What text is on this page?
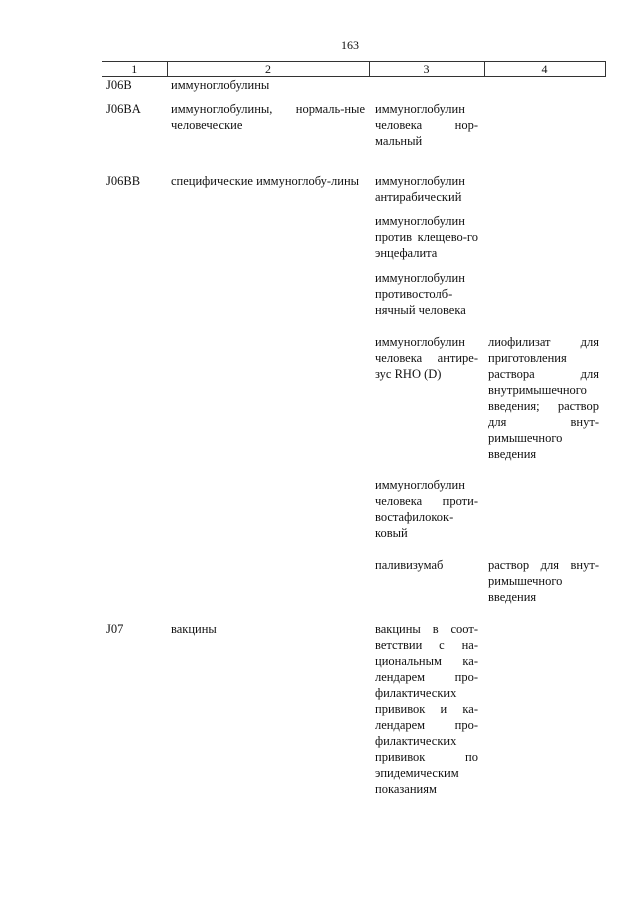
163
1	2	3	4
J06B	иммуноглобулины		
J06BA	иммуноглобулины, нормаль-ные человеческие	иммуноглобулин человека нор-мальный	

J06BB	специфические иммуноглобу-лины	иммуноглобулин антирабический	
		иммуноглобулин против клещево-го энцефалита	
		иммуноглобулин противостолб-нячный человека	
		иммуноглобулин человека антире-зус RHO (D)	лиофилизат для приготовления раствора для внутримышечного введения; раствор для внут-римышечного введения
		иммуноглобулин человека проти-востафилокок-ковый	
		паливизумаб	раствор для внут-римышечного введения
J07	вакцины	вакцины в соот-ветствии с на-циональным ка-лендарем про-филактических прививок и ка-лендарем про-филактических прививок по эпидемическим показаниям	
